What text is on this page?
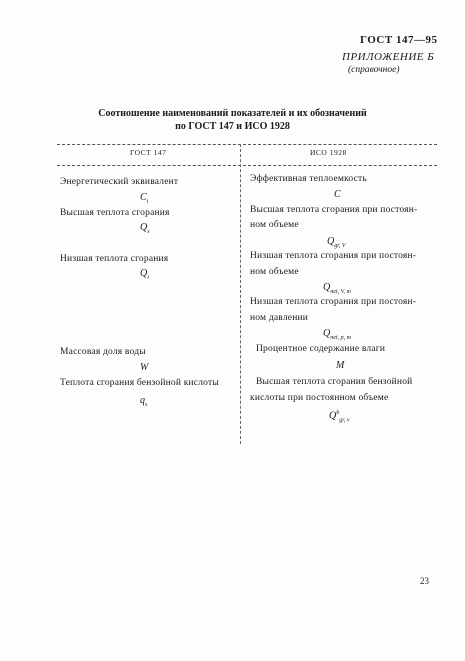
ГОСТ 147—95
ПРИЛОЖЕНИЕ Б
(справочное)
Соотношение наименований показателей и их обозначений
по ГОСТ 147 и ИСО 1928
ГОСТ 147	ИСО 1928
Энергетический эквивалент
$C_i$
Высшая теплота сгорания
$Q_s$
Низшая теплота сгорания
$Q_i$
Массовая доля воды
W
Теплота сгорания бензойной кислоты
$q_s$
Эффективная теплоемкость
C
Высшая теплота сгорания при постоян-
ном объеме
$Q_{gr, V}$
Низшая теплота сгорания при постоян-
ном объеме
$Q_{net, V, m}$
Низшая теплота сгорания при постоян-
ном давлении
$Q_{net, p, m}$
Процентное содержание влаги
M
Высшая теплота сгорания бензойной
кислоты при постоянном объеме
$Q^b_{gr, v}$
23
